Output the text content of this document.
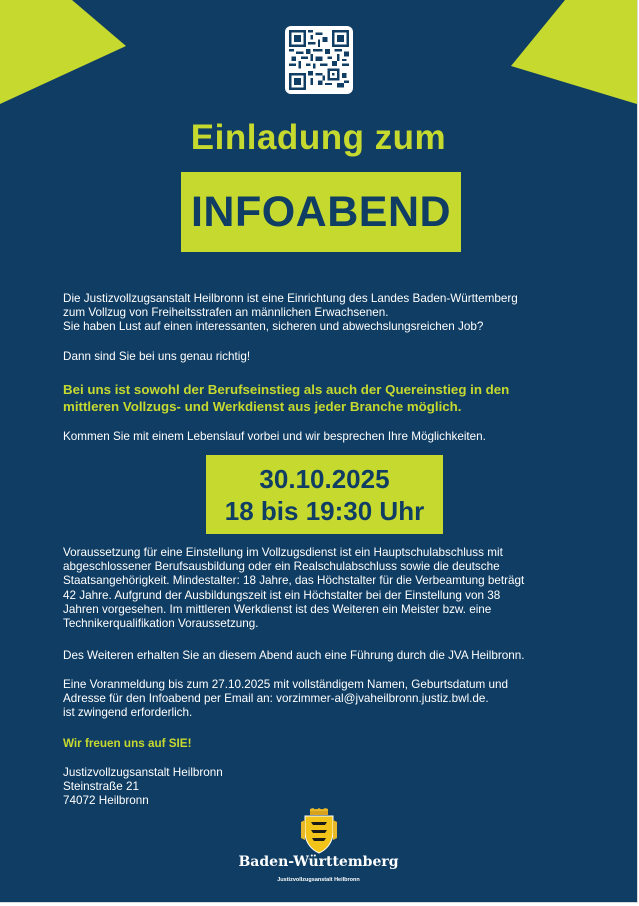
Einladung zum
INFOABEND
Die Justizvollzugsanstalt Heilbronn ist eine Einrichtung des Landes Baden-Württemberg
zum Vollzug von Freiheitsstrafen an männlichen Erwachsenen.
Sie haben Lust auf einen interessanten, sicheren und abwechslungsreichen Job?
Dann sind Sie bei uns genau richtig!
Bei uns ist sowohl der Berufseinstieg als auch der Quereinstieg in den
mittleren Vollzugs- und Werkdienst aus jeder Branche möglich.
Kommen Sie mit einem Lebenslauf vorbei und wir besprechen Ihre Möglichkeiten.
30.10.2025
18 bis 19:30 Uhr
Voraussetzung für eine Einstellung im Vollzugsdienst ist ein Hauptschulabschluss mit
abgeschlossener Berufsausbildung oder ein Realschulabschluss sowie die deutsche
Staatsangehörigkeit. Mindestalter: 18 Jahre, das Höchstalter für die Verbeamtung beträgt
42 Jahre. Aufgrund der Ausbildungszeit ist ein Höchstalter bei der Einstellung von 38
Jahren vorgesehen. Im mittleren Werkdienst ist des Weiteren ein Meister bzw. eine
Technikerqualifikation Voraussetzung.
Des Weiteren erhalten Sie an diesem Abend auch eine Führung durch die JVA Heilbronn.
Eine Voranmeldung bis zum 27.10.2025 mit vollständigem Namen, Geburtsdatum und
Adresse für den Infoabend per Email an: vorzimmer-al@jvaheilbronn.justiz.bwl.de.
ist zwingend erforderlich.
Wir freuen uns auf SIE!
Justizvollzugsanstalt Heilbronn
Steinstraße 21
74072 Heilbronn
Baden-Württemberg
Justizvollzugsanstalt Heilbronn
